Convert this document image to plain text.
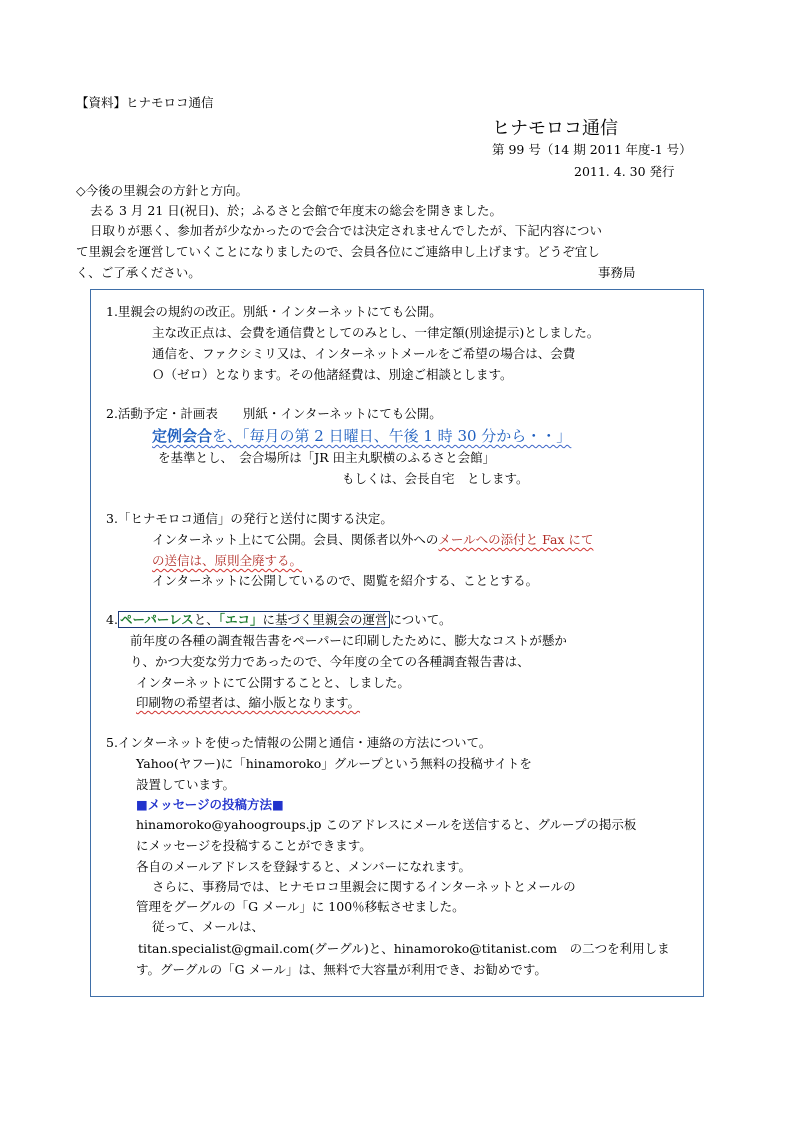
【資料】ヒナモロコ通信
ヒナモロコ通信
第 99 号（14 期 2011 年度-1 号）
2011. 4. 30 発行
◇今後の里親会の方針と方向。
去る 3 月 21 日(祝日)、於；ふるさと会館で年度末の総会を開きました。
日取りが悪く、参加者が少なかったので会合では決定されませんでしたが、下記内容につい
て里親会を運営していくことになりましたので、会員各位にご連絡申し上げます。どうぞ宜し
く、ご了承ください。	事務局
1.里親会の規約の改正。別紙・インターネットにても公開。
主な改正点は、会費を通信費としてのみとし、一律定額(別途提示)としました。
通信を、ファクシミリ又は、インターネットメールをご希望の場合は、会費
Ｏ（ゼロ）となります。その他諸経費は、別途ご相談とします。
2.活動予定・計画表　　別紙・インターネットにても公開。
定例会合を、「毎月の第 2 日曜日、午後 1 時 30 分から・・」
を基準とし、　会合場所は「JR 田主丸駅横のふるさと会館」
もしくは、会長自宅　とします。
3.「ヒナモロコ通信」の発行と送付に関する決定。
インターネット上にて公開。会員、関係者以外へのメールへの添付と Fax にて
の送信は、原則全廃する。
インターネットに公開しているので、閲覧を紹介する、こととする。
4. ペーパーレスと、「エコ」に基づく里親会の運営 について。
前年度の各種の調査報告書をペーパーに印刷したために、膨大なコストが懸か
り、かつ大変な労力であったので、今年度の全ての各種調査報告書は、
インターネットにて公開することと、しました。
印刷物の希望者は、縮小版となります。
5.インターネットを使った情報の公開と通信・連絡の方法について。
Yahoo(ヤフー)に「hinamoroko」グループという無料の投稿サイトを
設置しています。
■メッセージの投稿方法■
hinamoroko@yahoogroups.jp このアドレスにメールを送信すると、グループの掲示板
にメッセージを投稿することができます。
各自のメールアドレスを登録すると、メンバーになれます。
さらに、事務局では、ヒナモロコ里親会に関するインターネットとメールの
管理をグーグルの「G メール」に 100％移転させました。
従って、メールは、
titan.specialist@gmail.com(グーグル)と、hinamoroko@titanist.com　の二つを利用しま
す。グーグルの「G メール」は、無料で大容量が利用でき、お勧めです。
